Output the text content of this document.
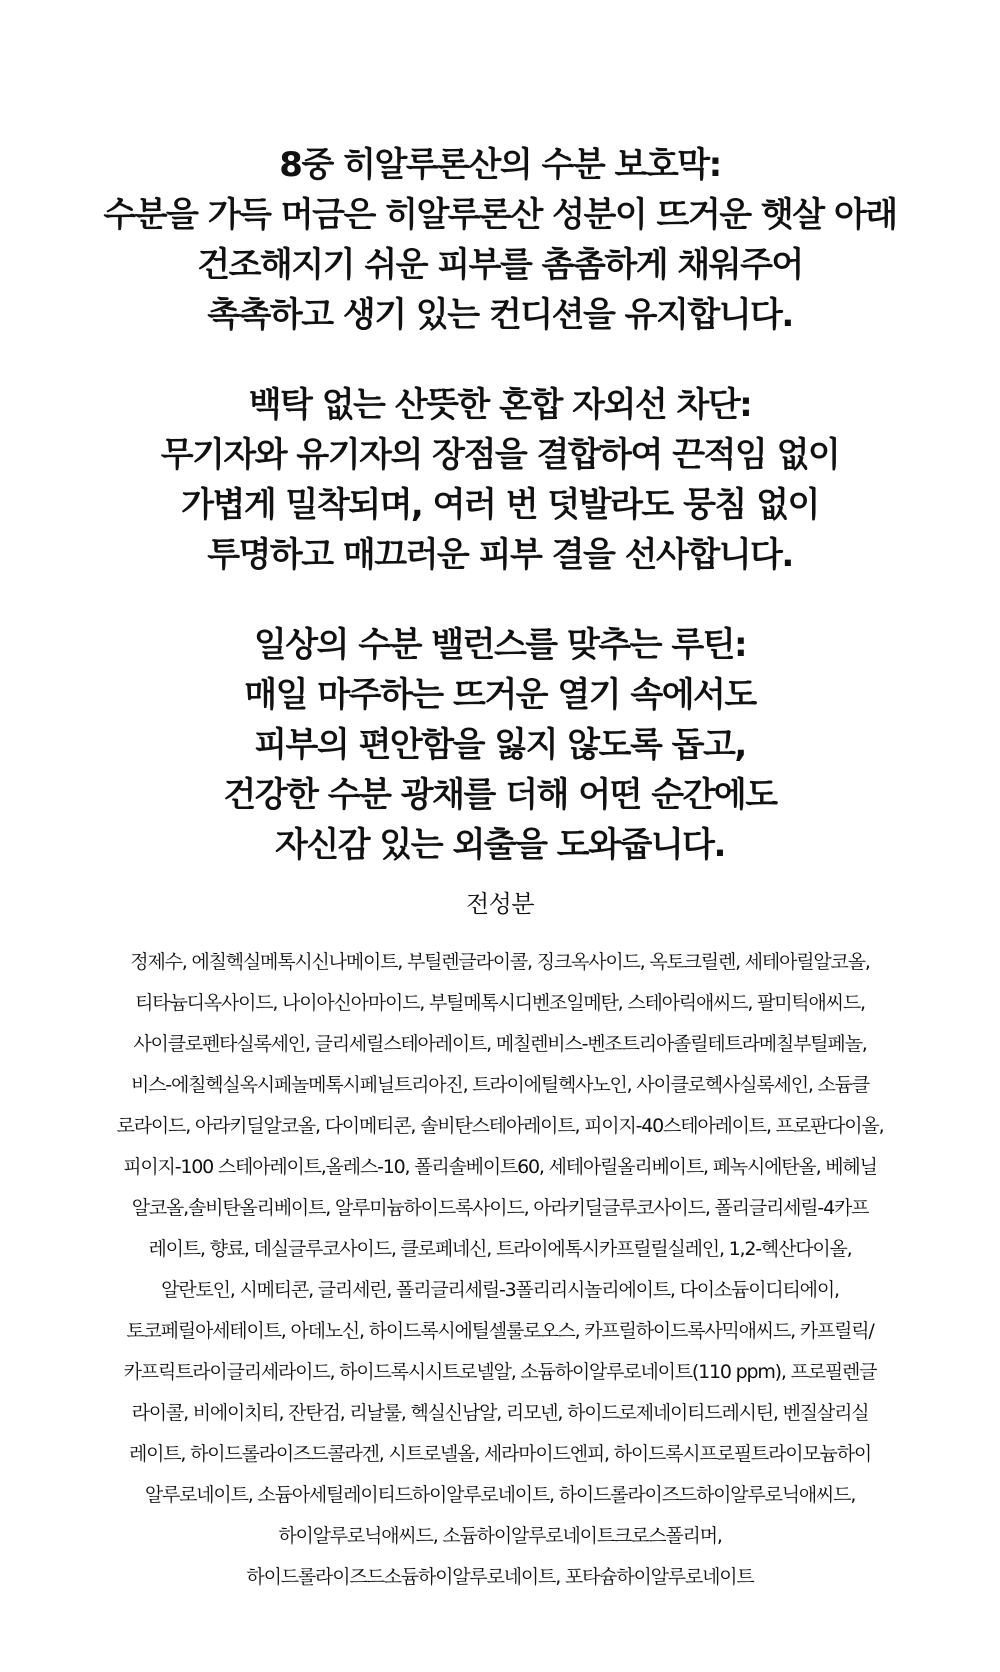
8중 히알루론산의 수분 보호막:
수분을 가득 머금은 히알루론산 성분이 뜨거운 햇살 아래
건조해지기 쉬운 피부를 촘촘하게 채워주어
촉촉하고 생기 있는 컨디션을 유지합니다.
백탁 없는 산뜻한 혼합 자외선 차단:
무기자와 유기자의 장점을 결합하여 끈적임 없이
가볍게 밀착되며, 여러 번 덧발라도 뭉침 없이
투명하고 매끄러운 피부 결을 선사합니다.
일상의 수분 밸런스를 맞추는 루틴:
매일 마주하는 뜨거운 열기 속에서도
피부의 편안함을 잃지 않도록 돕고,
건강한 수분 광채를 더해 어떤 순간에도
자신감 있는 외출을 도와줍니다.
전성분
정제수, 에칠헥실메톡시신나메이트, 부틸렌글라이콜, 징크옥사이드, 옥토크릴렌, 세테아릴알코올,
티타늄디옥사이드, 나이아신아마이드, 부틸메톡시디벤조일메탄, 스테아릭애씨드, 팔미틱애씨드,
사이클로펜타실록세인, 글리세릴스테아레이트, 메칠렌비스-벤조트리아졸릴테트라메칠부틸페놀,
비스-에칠헥실옥시페놀메톡시페닐트리아진, 트라이에틸헥사노인, 사이클로헥사실록세인, 소듐클
로라이드, 아라키딜알코올, 다이메티콘, 솔비탄스테아레이트, 피이지-40스테아레이트, 프로판다이올,
피이지-100 스테아레이트,올레스-10, 폴리솔베이트60, 세테아릴올리베이트, 페녹시에탄올, 베헤닐
알코올,솔비탄올리베이트, 알루미늄하이드록사이드, 아라키딜글루코사이드, 폴리글리세릴-4카프
레이트, 향료, 데실글루코사이드, 클로페네신, 트라이에톡시카프릴릴실레인, 1,2-헥산다이올,
알란토인, 시메티콘, 글리세린, 폴리글리세릴-3폴리리시놀리에이트, 다이소듐이디티에이,
토코페릴아세테이트, 아데노신, 하이드록시에틸셀룰로오스, 카프릴하이드록사믹애씨드, 카프릴릭/
카프릭트라이글리세라이드, 하이드록시시트로넬알, 소듐하이알루로네이트(110 ppm), 프로필렌글
라이콜, 비에이치티, 잔탄검, 리날룰, 헥실신남알, 리모넨, 하이드로제네이티드레시틴, 벤질살리실
레이트, 하이드롤라이즈드콜라겐, 시트로넬올, 세라마이드엔피, 하이드록시프로필트라이모늄하이
알루로네이트, 소듐아세틸레이티드하이알루로네이트, 하이드롤라이즈드하이알루로닉애씨드,
하이알루로닉애씨드, 소듐하이알루로네이트크로스폴리머,
하이드롤라이즈드소듐하이알루로네이트, 포타슘하이알루로네이트
